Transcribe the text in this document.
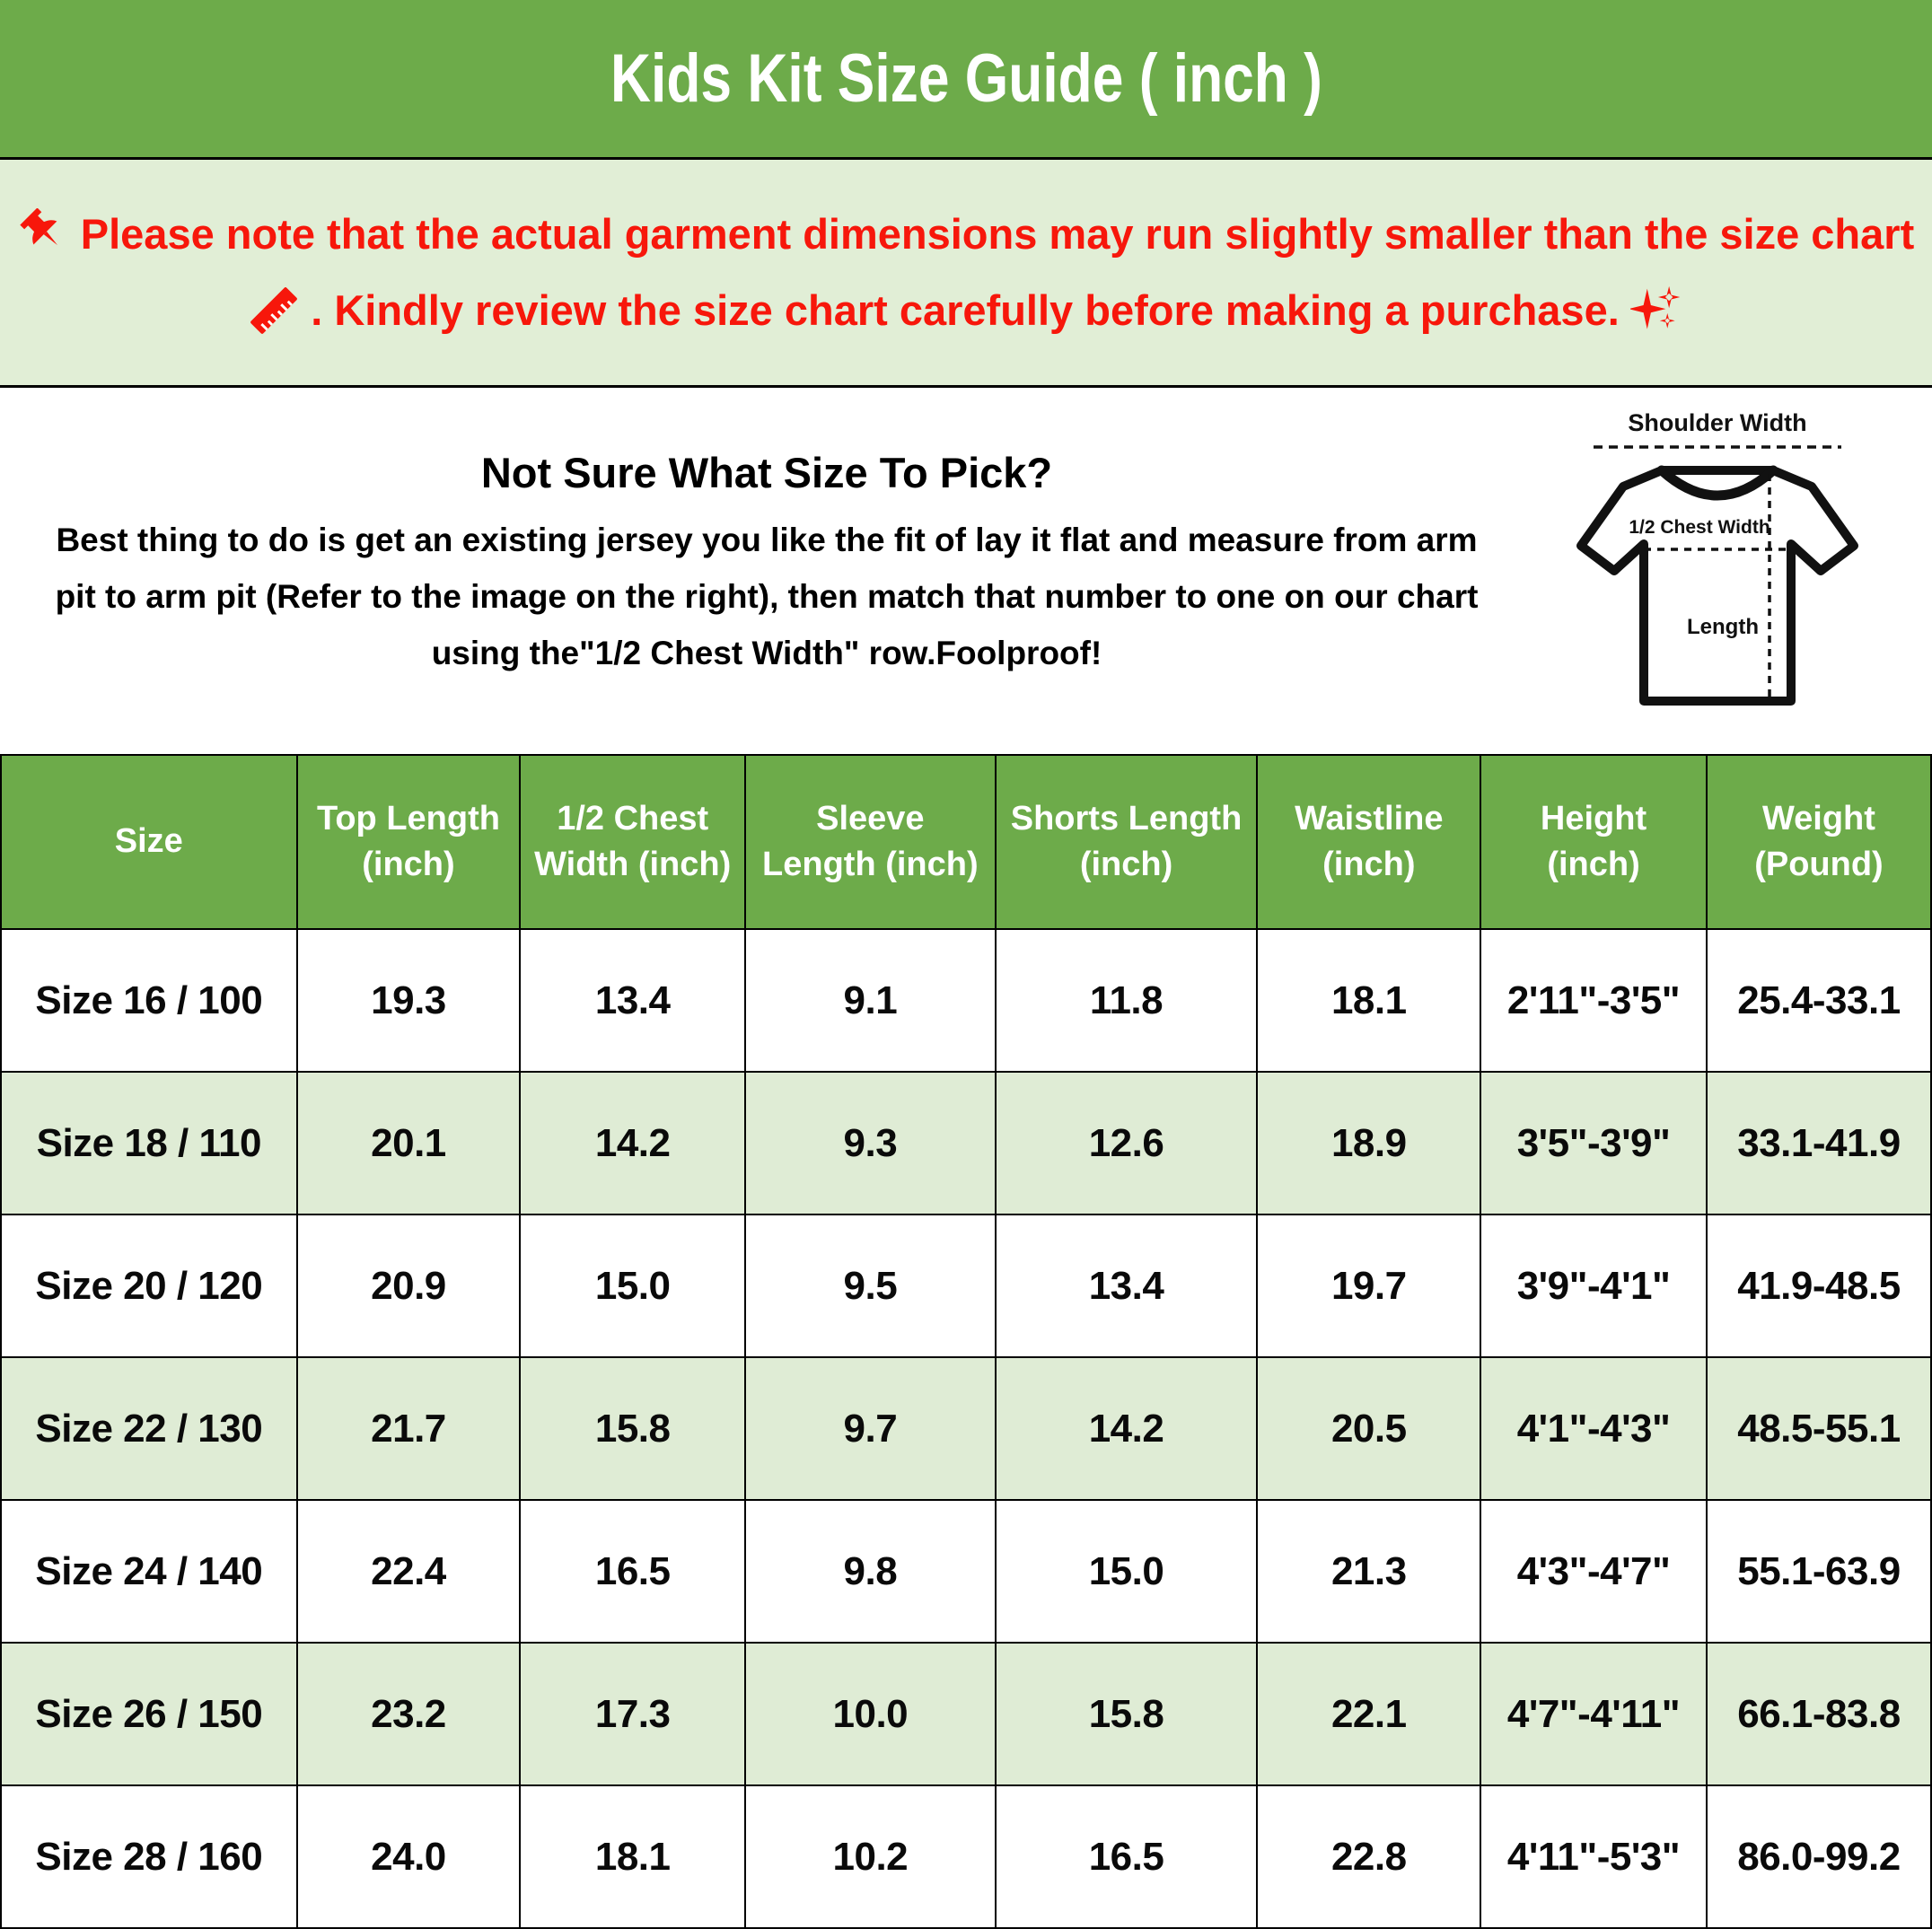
Kids Kit Size Guide ( inch )
Please note that the actual garment dimensions may run slightly smaller than the size chart
. Kindly review the size chart carefully before making a purchase.
Not Sure What Size To Pick?

Best thing to do is get an existing jersey you like the fit of lay it flat and measure from arm

pit to arm pit (Refer to the image on the right), then match that number to one on our chart

using the"1/2 Chest Width" row.Foolproof!

Shoulder Width
1/2 Chest Width
Length
Size	Top Length (inch)	1/2 Chest Width (inch)	Sleeve Length (inch)	Shorts Length (inch)	Waistline (inch)	Height (inch)	Weight (Pound)
Size 16 / 100	19.3	13.4	9.1	11.8	18.1	2'11"-3'5"	25.4-33.1
Size 18 / 110	20.1	14.2	9.3	12.6	18.9	3'5"-3'9"	33.1-41.9
Size 20 / 120	20.9	15.0	9.5	13.4	19.7	3'9"-4'1"	41.9-48.5
Size 22 / 130	21.7	15.8	9.7	14.2	20.5	4'1"-4'3"	48.5-55.1
Size 24 / 140	22.4	16.5	9.8	15.0	21.3	4'3"-4'7"	55.1-63.9
Size 26 / 150	23.2	17.3	10.0	15.8	22.1	4'7"-4'11"	66.1-83.8
Size 28 / 160	24.0	18.1	10.2	16.5	22.8	4'11"-5'3"	86.0-99.2
